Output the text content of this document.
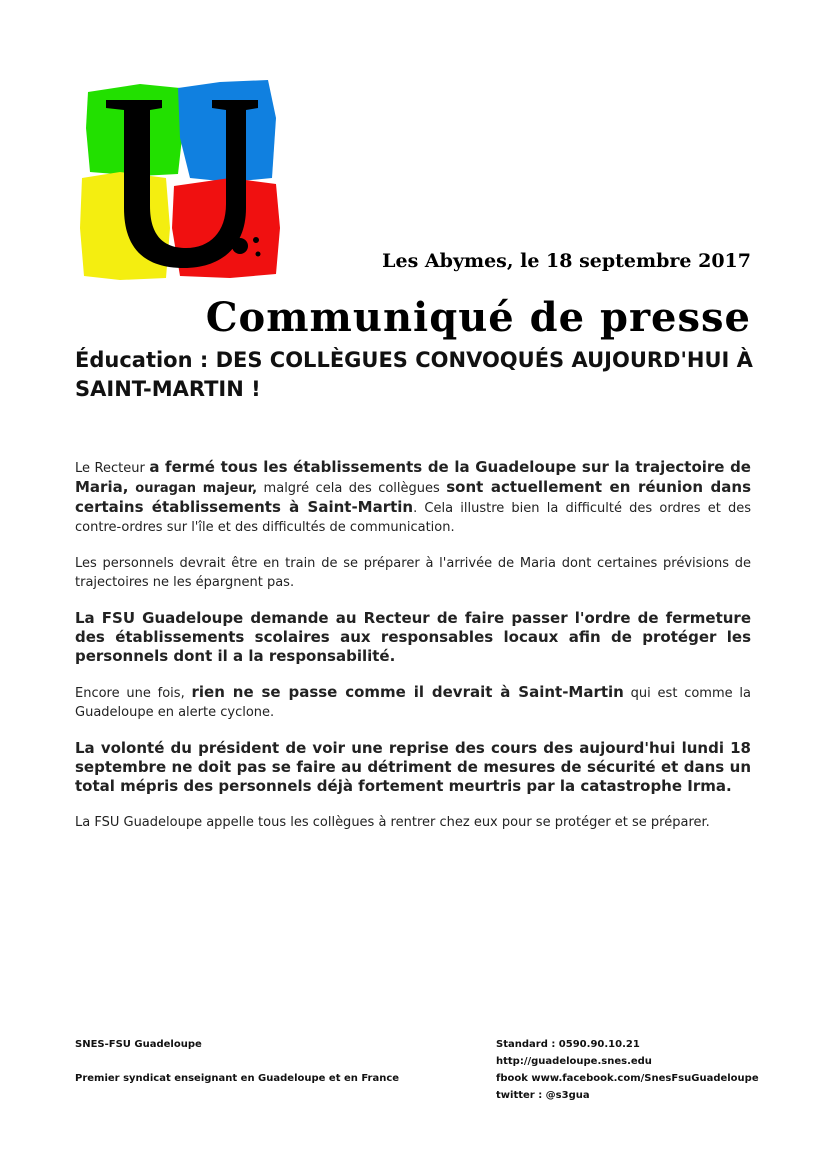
Les Abymes, le 18 septembre 2017
Communiqué de presse
Éducation : DES COLLÈGUES CONVOQUÉS AUJOURD'HUI À SAINT-MARTIN !

Le Recteur a fermé tous les établissements de la Guadeloupe sur la trajectoire de Maria, ouragan majeur, malgré cela des collègues sont actuellement en réunion dans certains établissements à Saint-Martin. Cela illustre bien la difficulté des ordres et des contre-ordres sur l'île et des difficultés de communication.

Les personnels devrait être en train de se préparer à l'arrivée de Maria dont certaines prévisions de trajectoires ne les épargnent pas.

La FSU Guadeloupe demande au Recteur de faire passer l'ordre de fermeture des établissements scolaires aux responsables locaux afin de protéger les personnels dont il a la responsabilité.

Encore une fois, rien ne se passe comme il devrait à Saint-Martin qui est comme la Guadeloupe en alerte cyclone.

La volonté du président de voir une reprise des cours des aujourd'hui lundi 18 septembre ne doit pas se faire au détriment de mesures de sécurité et dans un total mépris des personnels déjà fortement meurtris par la catastrophe Irma.

La FSU Guadeloupe appelle tous les collègues à rentrer chez eux pour se protéger et se préparer.

SNES-FSU Guadeloupe

Premier syndicat enseignant en Guadeloupe et en France
Standard : 0590.90.10.21
http://guadeloupe.snes.edu
fbook www.facebook.com/SnesFsuGuadeloupe
twitter : @s3gua
